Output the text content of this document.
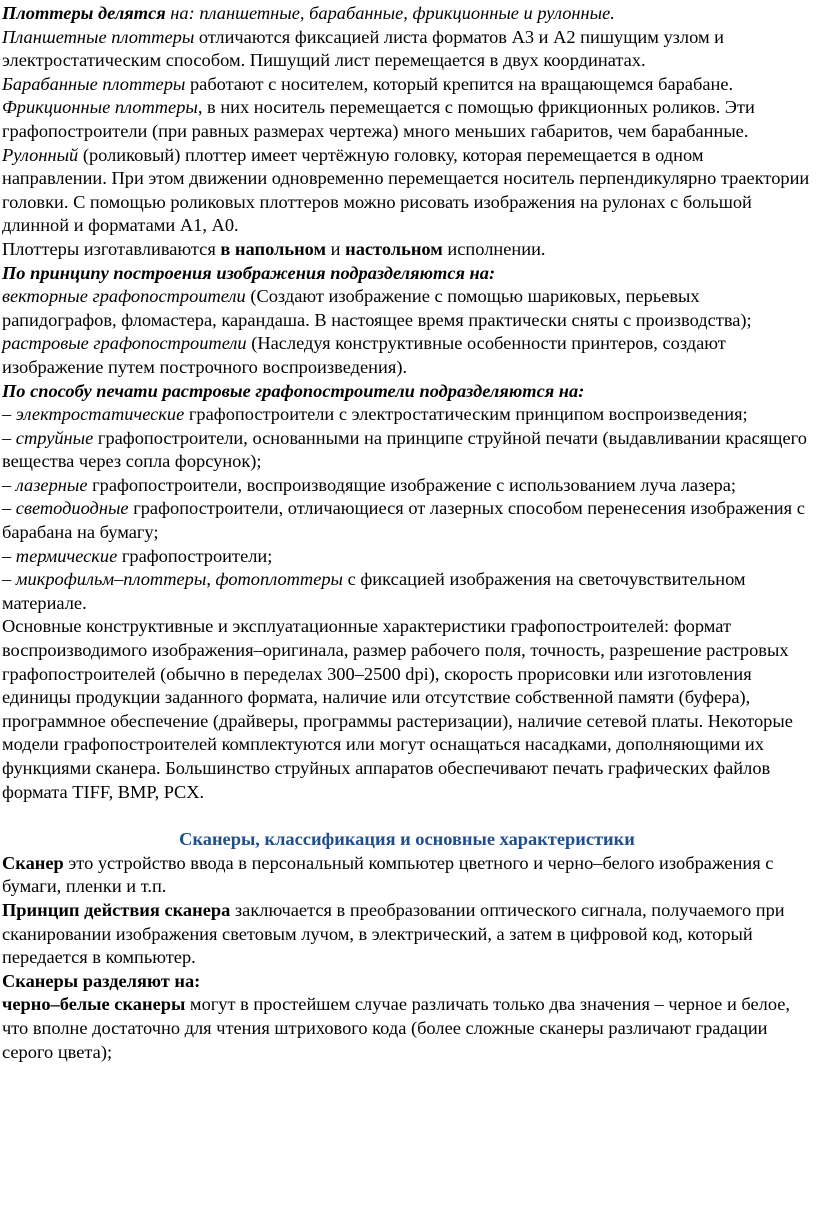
Плоттеры делятся на: планшетные, барабанные, фрикционные и рулонные.

Планшетные плоттеры отличаются фиксацией листа форматов А3 и А2 пишущим узлом и электростатическим способом. Пишущий лист перемещается в двух координатах.

Барабанные плоттеры работают с носителем, который крепится на вращающемся барабане.

Фрикционные плоттеры, в них носитель перемещается с помощью фрикционных роликов. Эти графопостроители (при равных размерах чертежа) много меньших габаритов, чем барабанные.

Рулонный (роликовый) плоттер имеет чертёжную головку, которая перемещается в одном направлении. При этом движении одновременно перемещается носитель перпендикулярно траектории головки. С помощью роликовых плоттеров можно рисовать изображения на рулонах с большой длинной и форматами А1, А0.

Плоттеры изготавливаются в напольном и настольном исполнении.

По принципу построения изображения подразделяются на:

векторные графопостроители (Создают изображение с помощью шариковых, перьевых рапидографов, фломастера, карандаша. В настоящее время практически сняты с производства);

растровые графопостроители (Наследуя конструктивные особенности принтеров, создают изображение путем построчного воспроизведения).

По способу печати растровые графопостроители подразделяются на:

– электростатические графопостроители с электростатическим принципом воспроизведения;

– струйные графопостроители, основанными на принципе струйной печати (выдавливании красящего вещества через сопла форсунок);

– лазерные графопостроители, воспроизводящие изображение с использованием луча лазера;

– светодиодные графопостроители, отличающиеся от лазерных способом перенесения изображения с барабана на бумагу;

– термические графопостроители;

– микрофильм–плоттеры, фотоплоттеры с фиксацией изображения на светочувствительном материале.

Основные конструктивные и эксплуатационные характеристики графопостроителей: формат воспроизводимого изображения–оригинала, размер рабочего поля, точность, разрешение растровых графопостроителей (обычно в переделах 300–2500 dpi), скорость прорисовки или изготовления единицы продукции заданного формата, наличие или отсутствие собственной памяти (буфера), программное обеспечение (драйверы, программы растеризации), наличие сетевой платы. Некоторые модели графопостроителей комплектуются или могут оснащаться насадками, дополняющими их функциями сканера. Большинство струйных аппаратов обеспечивают печать графических файлов формата TIFF, BMP, PCX.

Сканеры, классификация и основные характеристики

Сканер это устройство ввода в персональный компьютер цветного и черно–белого изображения с бумаги, пленки и т.п.

Принцип действия сканера заключается в преобразовании оптического сигнала, получаемого при сканировании изображения световым лучом, в электрический, а затем в цифровой код, который передается в компьютер.

Сканеры разделяют на:

черно–белые сканеры могут в простейшем случае различать только два значения – черное и белое, что вполне достаточно для чтения штрихового кода (более сложные сканеры различают градации серого цвета);
